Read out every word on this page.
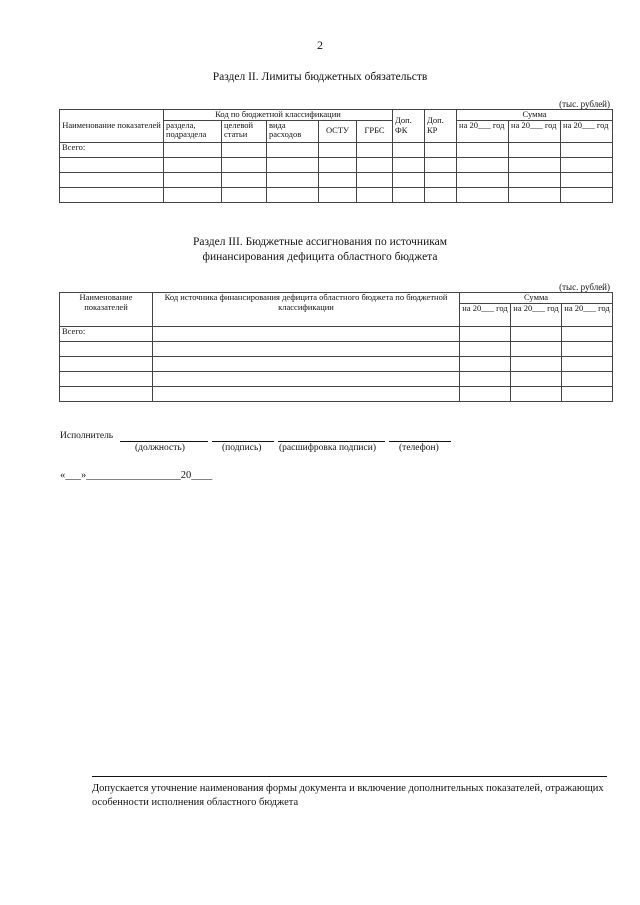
2
Раздел II. Лимиты бюджетных обязательств
(тыс. рублей)
Наименование показателей	Код по бюджетной классификации					Доп. ФК	Доп. КР	Сумма		
	раздела, подраздела	целевой статьи	вида расходов	ОСТУ	ГРБС			на 20___ год	на 20___ год	на 20___ год
Всего:										

Раздел III. Бюджетные ассигнования по источникам
финансирования дефицита областного бюджета
(тыс. рублей)
Наименование показателей	Код источника финансирования дефицита областного бюджета по бюджетной классификации	Сумма		
		на 20___ год	на 20___ год	на 20___ год
Всего:				

Исполнитель
(должность)	(подпись) (расшифровка подписи) (телефон)
«___»__________________20____
Допускается уточнение наименования формы документа и включение дополнительных показателей, отражающих особенности исполнения областного бюджета
